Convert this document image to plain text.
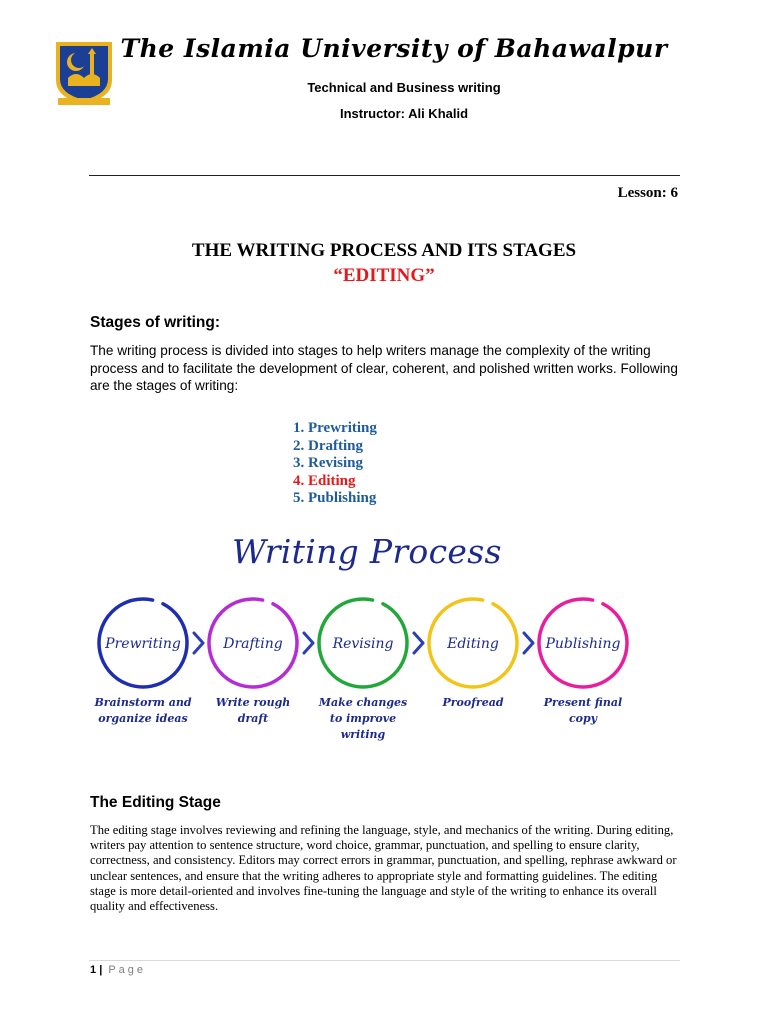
The Islamia University of Bahawalpur
Technical and Business writing
Instructor: Ali Khalid
Lesson: 6
THE WRITING PROCESS AND ITS STAGES
“EDITING”
Stages of writing:
The writing process is divided into stages to help writers manage the complexity of the writing process and to facilitate the development of clear, coherent, and polished written works. Following are the stages of writing:
1. Prewriting
2. Drafting
3. Revising
4. Editing
5. Publishing
Writing Process
Prewriting
Brainstorm and
organize ideas
Drafting
Write rough
draft
Revising
Make changes
to improve
writing
Editing
Proofread
Publishing
Present final
copy
The Editing Stage
The editing stage involves reviewing and refining the language, style, and mechanics of the writing. During editing, writers pay attention to sentence structure, word choice, grammar, punctuation, and spelling to ensure clarity, correctness, and consistency. Editors may correct errors in grammar, punctuation, and spelling, rephrase awkward or unclear sentences, and ensure that the writing adheres to appropriate style and formatting guidelines. The editing stage is more detail-oriented and involves fine-tuning the language and style of the writing to enhance its overall quality and effectiveness.
1 | Page
